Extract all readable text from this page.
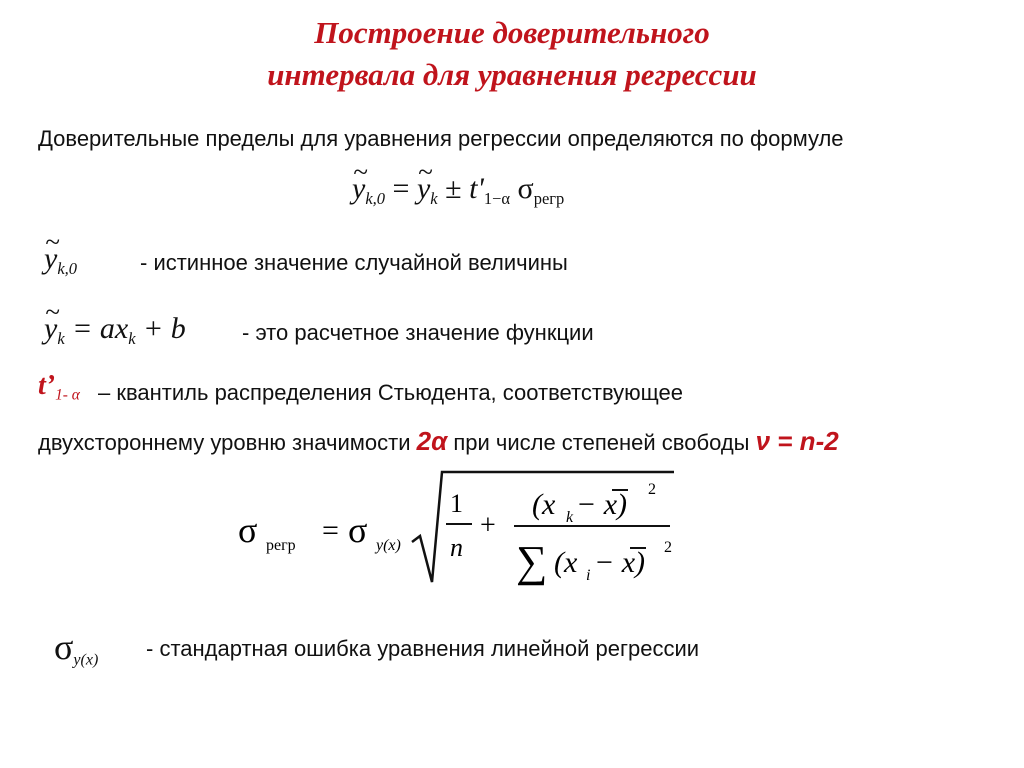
Построение доверительного
интервала для уравнения регрессии
Доверительные пределы для уравнения регрессии определяются по формуле
~ $y_{k,0}$ = ~ $y_k \pm t'_{1-\alpha}$ $\sigma_{регр}$
~ $y_{k,0}$	- истинное значение случайной величины
~ $y_k = ax_k + b$	- это расчетное значение функции
$t’_{1- \alpha}$ – квантиль распределения Стьюдента, соответствующее
двухстороннему уровню значимости 2α при числе степеней свободы ν = n-2
σ регр = σ y(x)
1
n
+
(x k − x) 2
∑ (x i − x) 2
$\sigma_{y(x)}$ - стандартная ошибка уравнения линейной регрессии
